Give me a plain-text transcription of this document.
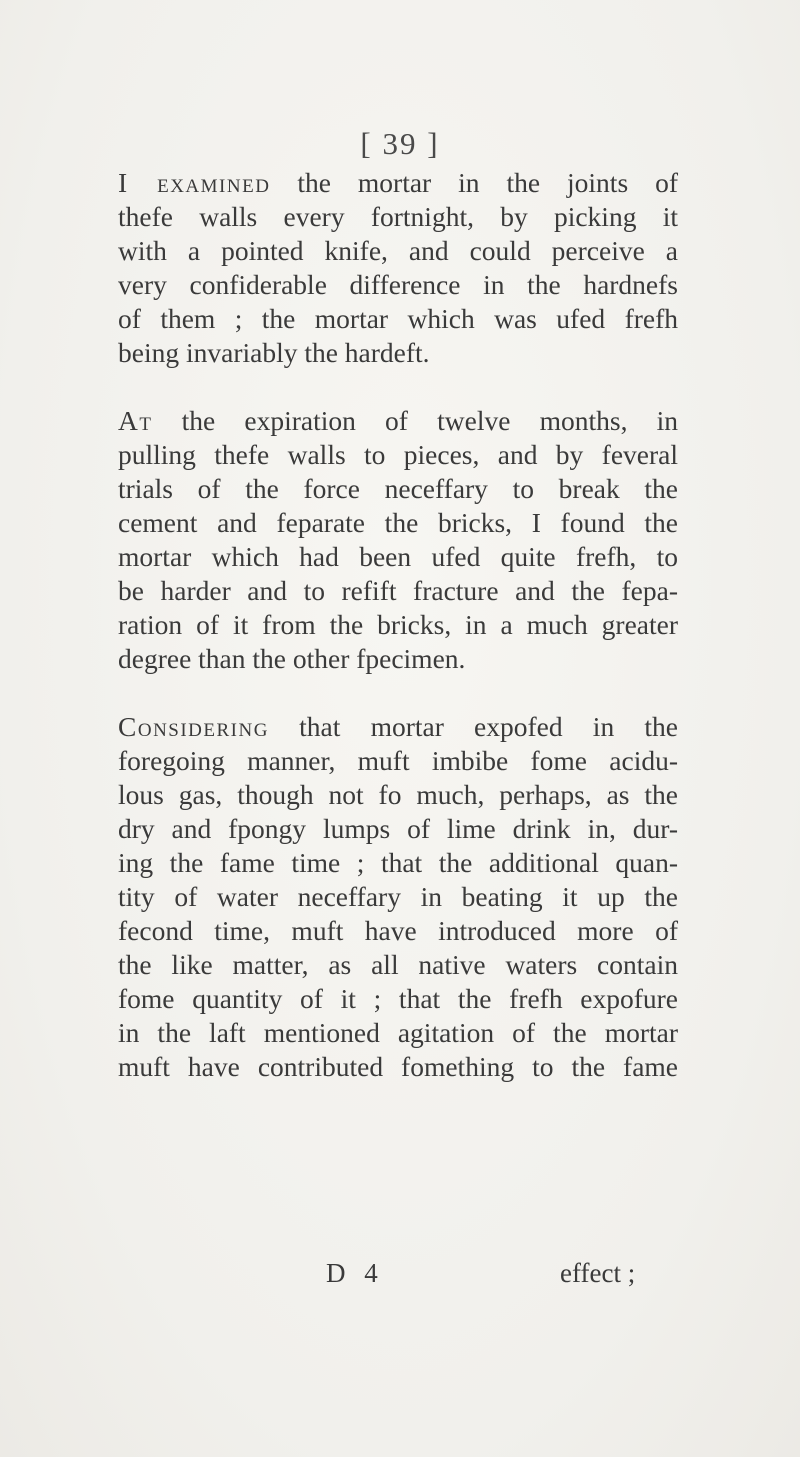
[ 39 ]

I examined the mortar in the joints of
thefe walls every fortnight, by picking it
with a pointed knife, and could perceive a
very confiderable difference in the hardnefs
of them ; the mortar which was ufed frefh
being invariably the hardeft.

At the expiration of twelve months, in
pulling thefe walls to pieces, and by feveral
trials of the force neceffary to break the
cement and feparate the bricks, I found the
mortar which had been ufed quite frefh, to
be harder and to refift fracture and the fepa-
ration of it from the bricks, in a much greater
degree than the other fpecimen.

Considering that mortar expofed in the
foregoing manner, muft imbibe fome acidu-
lous gas, though not fo much, perhaps, as the
dry and fpongy lumps of lime drink in, dur-
ing the fame time ; that the additional quan-
tity of water neceffary in beating it up the
fecond time, muft have introduced more of
the like matter, as all native waters contain
fome quantity of it ; that the frefh expofure
in the laft mentioned agitation of the mortar
muft have contributed fomething to the fame

D 4	effect ;
